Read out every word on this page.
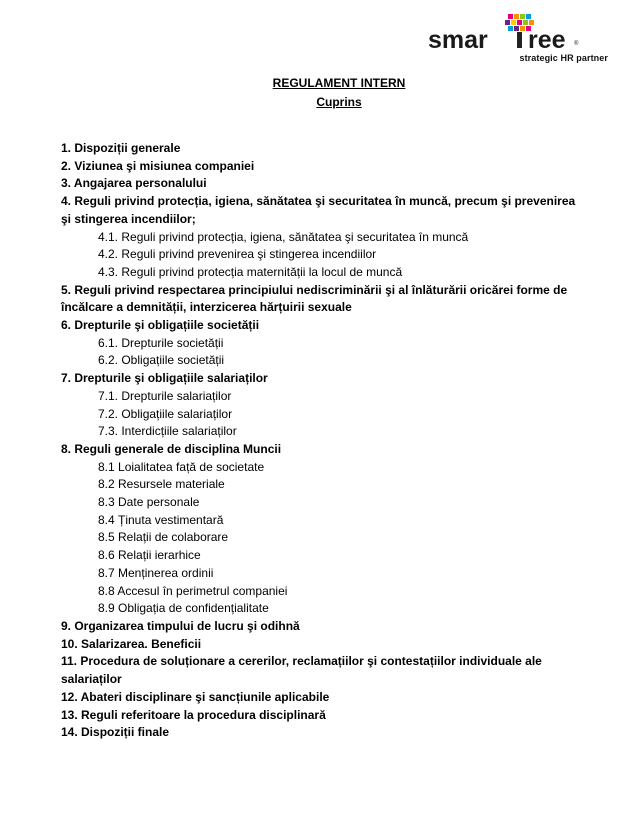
smar ree ®
strategic HR partner
REGULAMENT INTERN
Cuprins
1. Dispoziții generale
2. Viziunea şi misiunea companiei
3. Angajarea personalului
4. Reguli privind protecția, igiena, sănătatea şi securitatea în muncă, precum şi prevenirea şi stingerea incendiilor;
4.1. Reguli privind protecția, igiena, sănătatea şi securitatea în muncă
4.2. Reguli privind prevenirea şi stingerea incendiilor
4.3. Reguli privind protecția maternității la locul de muncă
5. Reguli privind respectarea principiului nediscriminării şi al înlăturării oricărei forme de încălcare a demnității, interzicerea hărțuirii sexuale
6. Drepturile şi obligațiile societății
6.1. Drepturile societății
6.2. Obligațiile societății
7. Drepturile şi obligațiile salariaților
7.1. Drepturile salariaților
7.2. Obligațiile salariaților
7.3. Interdicțiile salariaților
8. Reguli generale de disciplina Muncii
8.1 Loialitatea față de societate
8.2 Resursele materiale
8.3 Date personale
8.4 Ținuta vestimentară
8.5 Relații de colaborare
8.6 Relații ierarhice
8.7 Menținerea ordinii
8.8 Accesul în perimetrul companiei
8.9 Obligația de confidențialitate
9. Organizarea timpului de lucru şi odihnă
10. Salarizarea. Beneficii
11. Procedura de soluționare a cererilor, reclamațiilor şi contestațiilor individuale ale salariaților
12. Abateri disciplinare şi sancțiunile aplicabile
13. Reguli referitoare la procedura disciplinară
14. Dispoziții finale
